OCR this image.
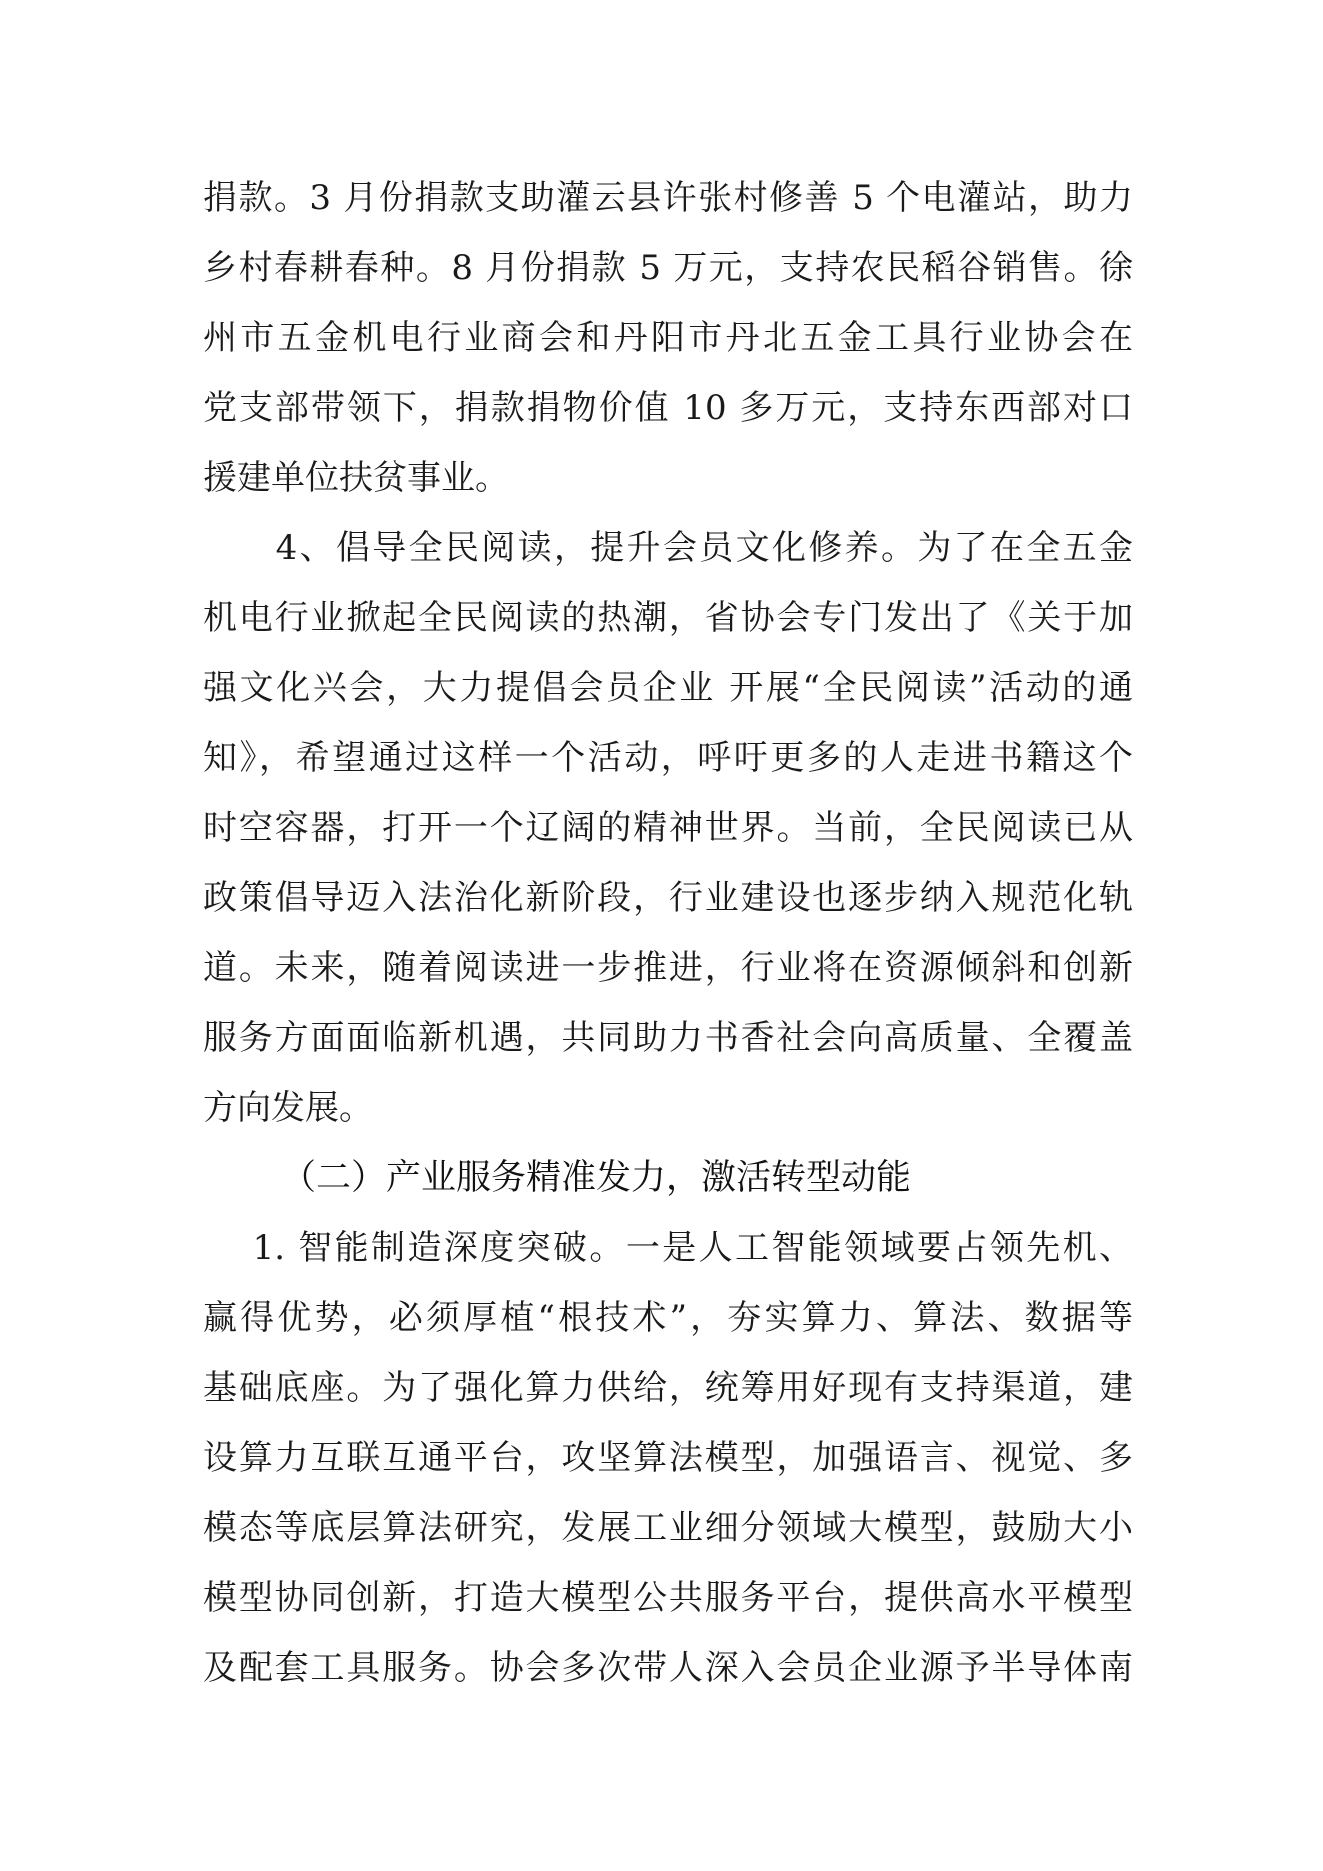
捐款。3 月份捐款支助灌云县许张村修善 5 个电灌站，助力
乡村春耕春种。8 月份捐款 5 万元，支持农民稻谷销售。徐
州市五金机电行业商会和丹阳市丹北五金工具行业协会在
党支部带领下，捐款捐物价值 10 多万元，支持东西部对口
援建单位扶贫事业。
　　4、倡导全民阅读，提升会员文化修养。为了在全五金
机电行业掀起全民阅读的热潮，省协会专门发出了《关于加
强文化兴会，大力提倡会员企业 开展“全民阅读”活动的通
知》，希望通过这样一个活动，呼吁更多的人走进书籍这个
时空容器，打开一个辽阔的精神世界。当前，全民阅读已从
政策倡导迈入法治化新阶段，行业建设也逐步纳入规范化轨
道。未来，随着阅读进一步推进，行业将在资源倾斜和创新
服务方面面临新机遇，共同助力书香社会向高质量、全覆盖
方向发展。
（二）产业服务精准发力，激活转型动能
　 1. 智能制造深度突破。一是人工智能领域要占领先机、
赢得优势，必须厚植“根技术”，夯实算力、算法、数据等
基础底座。为了强化算力供给，统筹用好现有支持渠道，建
设算力互联互通平台，攻坚算法模型，加强语言、视觉、多
模态等底层算法研究，发展工业细分领域大模型，鼓励大小
模型协同创新，打造大模型公共服务平台，提供高水平模型
及配套工具服务。协会多次带人深入会员企业源予半导体南
